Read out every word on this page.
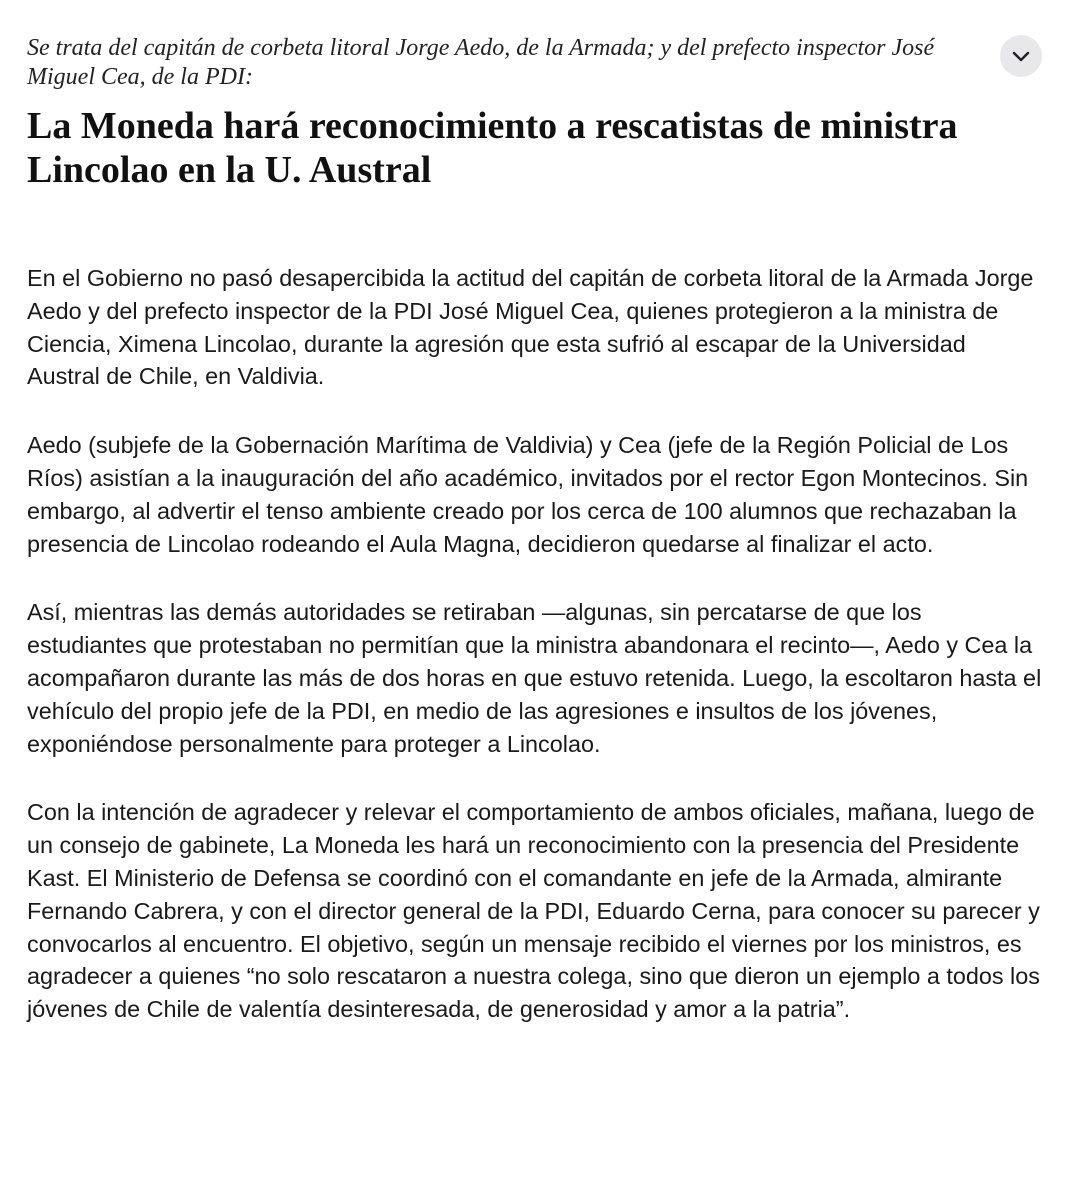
Se trata del capitán de corbeta litoral Jorge Aedo, de la Armada; y del prefecto inspector José Miguel Cea, de la PDI:

La Moneda hará reconocimiento a rescatistas de ministra Lincolao en la U. Austral

En el Gobierno no pasó desapercibida la actitud del capitán de corbeta litoral de la Armada Jorge Aedo y del prefecto inspector de la PDI José Miguel Cea, quienes protegieron a la ministra de Ciencia, Ximena Lincolao, durante la agresión que esta sufrió al escapar de la Universidad Austral de Chile, en Valdivia.

Aedo (subjefe de la Gobernación Marítima de Valdivia) y Cea (jefe de la Región Policial de Los Ríos) asistían a la inauguración del año académico, invitados por el rector Egon Montecinos. Sin embargo, al advertir el tenso ambiente creado por los cerca de 100 alumnos que rechazaban la presencia de Lincolao rodeando el Aula Magna, decidieron quedarse al finalizar el acto.

Así, mientras las demás autoridades se retiraban —algunas, sin percatarse de que los estudiantes que protestaban no permitían que la ministra abandonara el recinto—, Aedo y Cea la acompañaron durante las más de dos horas en que estuvo retenida. Luego, la escoltaron hasta el vehículo del propio jefe de la PDI, en medio de las agresiones e insultos de los jóvenes, exponiéndose personalmente para proteger a Lincolao.

Con la intención de agradecer y relevar el comportamiento de ambos oficiales, mañana, luego de un consejo de gabinete, La Moneda les hará un reconocimiento con la presencia del Presidente Kast. El Ministerio de Defensa se coordinó con el comandante en jefe de la Armada, almirante Fernando Cabrera, y con el director general de la PDI, Eduardo Cerna, para conocer su parecer y convocarlos al encuentro. El objetivo, según un mensaje recibido el viernes por los ministros, es agradecer a quienes “no solo rescataron a nuestra colega, sino que dieron un ejemplo a todos los jóvenes de Chile de valentía desinteresada, de generosidad y amor a la patria”.
